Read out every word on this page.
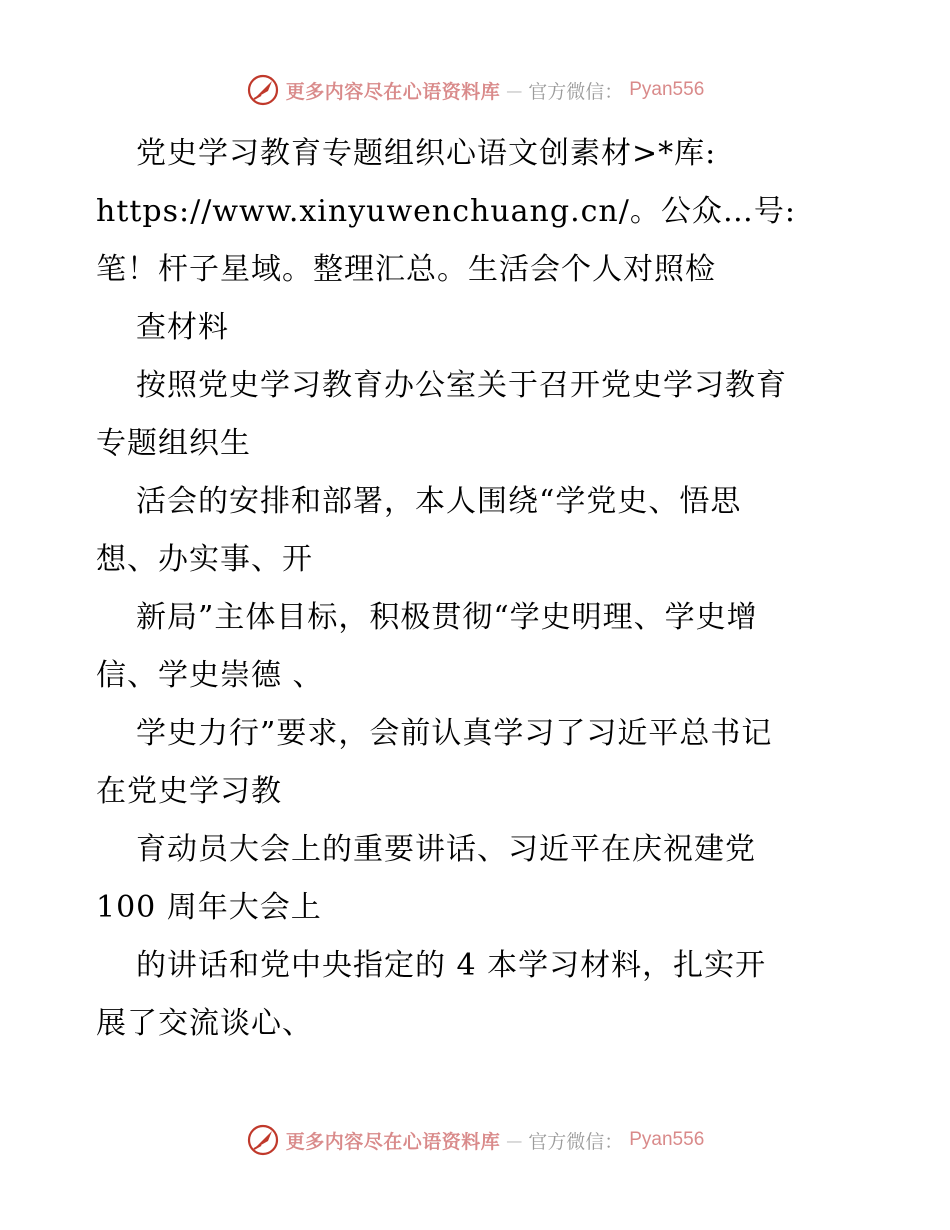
更多内容尽在心语资料库 — 官方微信： Pyan556
党史学习教育专题组织心语文创素材>*库:
https://www.xinyuwenchuang.cn/。公众…号:
笔！杆子星域。整理汇总。生活会个人对照检
查材料
按照党史学习教育办公室关于召开党史学习教育
专题组织生
活会的安排和部署，本人围绕“学党史、悟思
想、办实事、开
新局”主体目标，积极贯彻“学史明理、学史增
信、学史崇德 、
学史力行”要求，会前认真学习了习近平总书记
在党史学习教
育动员大会上的重要讲话、习近平在庆祝建党
100 周年大会上
的讲话和党中央指定的 4 本学习材料，扎实开
展了交流谈心、
更多内容尽在心语资料库 — 官方微信： Pyan556
